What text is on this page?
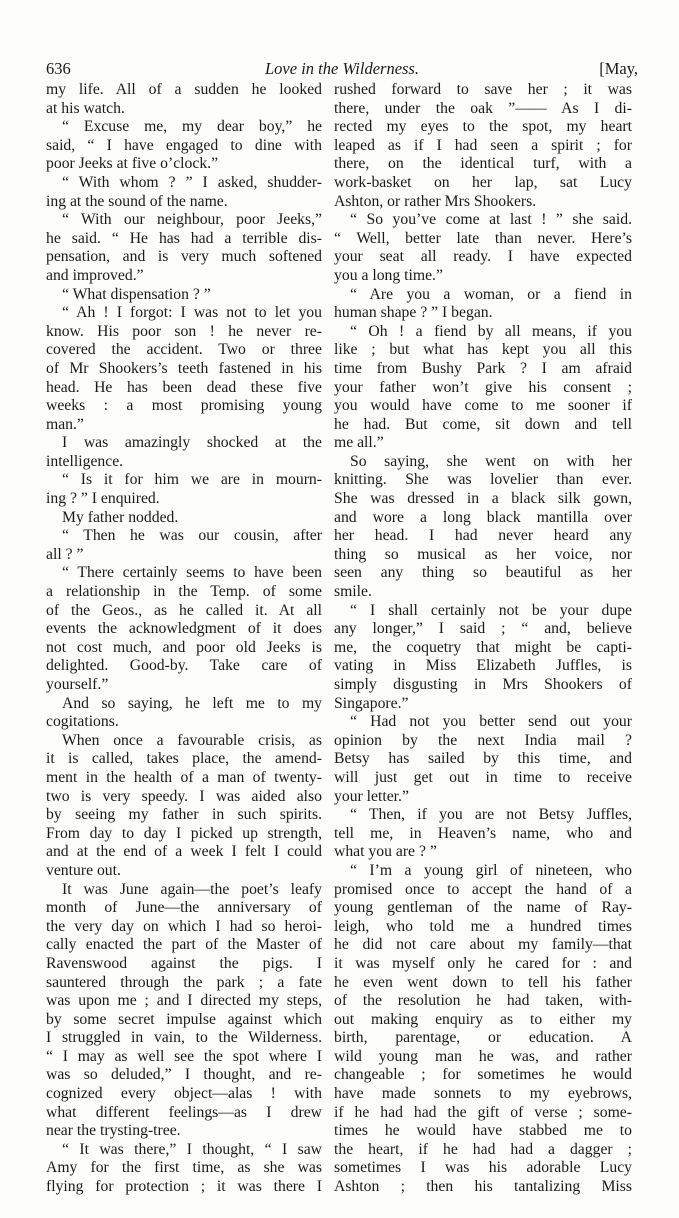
636	Love in the Wilderness.	[May,

my life. All of a sudden he looked

at his watch.

“ Excuse me, my dear boy,” he

said, “ I have engaged to dine with

poor Jeeks at five o’clock.”

“ With whom ? ” I asked, shudder-

ing at the sound of the name.

“ With our neighbour, poor Jeeks,”

he said. “ He has had a terrible dis-

pensation, and is very much softened

and improved.”

“ What dispensation ? ”

“ Ah ! I forgot: I was not to let you

know. His poor son ! he never re-

covered the accident. Two or three

of Mr Shookers’s teeth fastened in his

head. He has been dead these five

weeks : a most promising young

man.”

I was amazingly shocked at the

intelligence.

“ Is it for him we are in mourn-

ing ? ” I enquired.

My father nodded.

“ Then he was our cousin, after

all ? ”

“ There certainly seems to have been

a relationship in the Temp. of some

of the Geos., as he called it. At all

events the acknowledgment of it does

not cost much, and poor old Jeeks is

delighted. Good-by. Take care of

yourself.”

And so saying, he left me to my

cogitations.

When once a favourable crisis, as

it is called, takes place, the amend-

ment in the health of a man of twenty-

two is very speedy. I was aided also

by seeing my father in such spirits.

From day to day I picked up strength,

and at the end of a week I felt I could

venture out.

It was June again—the poet’s leafy

month of June—the anniversary of

the very day on which I had so heroi-

cally enacted the part of the Master of

Ravenswood against the pigs. I

sauntered through the park ; a fate

was upon me ; and I directed my steps,

by some secret impulse against which

I struggled in vain, to the Wilderness.

“ I may as well see the spot where I

was so deluded,” I thought, and re-

cognized every object—alas ! with

what different feelings—as I drew

near the trysting-tree.

“ It was there,” I thought, “ I saw

Amy for the first time, as she was

flying for protection ; it was there I

rushed forward to save her ; it was

there, under the oak ”—— As I di-

rected my eyes to the spot, my heart

leaped as if I had seen a spirit ; for

there, on the identical turf, with a

work-basket on her lap, sat Lucy

Ashton, or rather Mrs Shookers.

“ So you’ve come at last ! ” she said.

“ Well, better late than never. Here’s

your seat all ready. I have expected

you a long time.”

“ Are you a woman, or a fiend in

human shape ? ” I began.

“ Oh ! a fiend by all means, if you

like ; but what has kept you all this

time from Bushy Park ? I am afraid

your father won’t give his consent ;

you would have come to me sooner if

he had. But come, sit down and tell

me all.”

So saying, she went on with her

knitting. She was lovelier than ever.

She was dressed in a black silk gown,

and wore a long black mantilla over

her head. I had never heard any

thing so musical as her voice, nor

seen any thing so beautiful as her

smile.

“ I shall certainly not be your dupe

any longer,” I said ; “ and, believe

me, the coquetry that might be capti-

vating in Miss Elizabeth Juffles, is

simply disgusting in Mrs Shookers of

Singapore.”

“ Had not you better send out your

opinion by the next India mail ?

Betsy has sailed by this time, and

will just get out in time to receive

your letter.”

“ Then, if you are not Betsy Juffles,

tell me, in Heaven’s name, who and

what you are ? ”

“ I’m a young girl of nineteen, who

promised once to accept the hand of a

young gentleman of the name of Ray-

leigh, who told me a hundred times

he did not care about my family—that

it was myself only he cared for : and

he even went down to tell his father

of the resolution he had taken, with-

out making enquiry as to either my

birth, parentage, or education. A

wild young man he was, and rather

changeable ; for sometimes he would

have made sonnets to my eyebrows,

if he had had the gift of verse ; some-

times he would have stabbed me to

the heart, if he had had a dagger ;

sometimes I was his adorable Lucy

Ashton ; then his tantalizing Miss
